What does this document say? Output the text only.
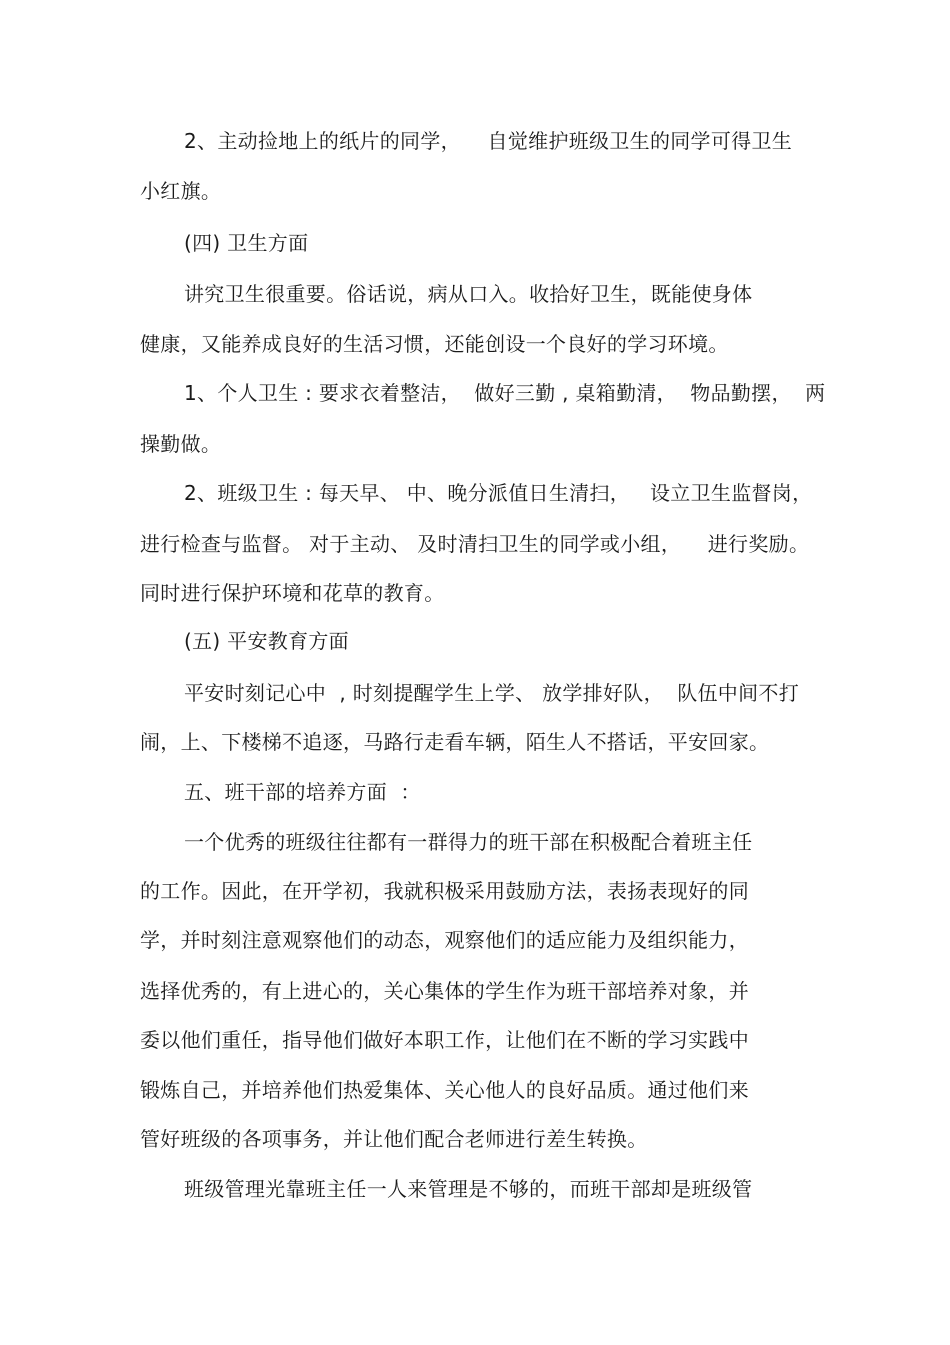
2、主动捡地上的纸片的同学，    自觉维护班级卫生的同学可得卫生
小红旗。
(四) 卫生方面
讲究卫生很重要。俗话说，病从口入。收拾好卫生，既能使身体
健康，又能养成良好的生活习惯，还能创设一个良好的学习环境。
1、个人卫生 : 要求衣着整洁，  做好三勤 , 桌箱勤清，  物品勤摆，  两
操勤做。
2、班级卫生 : 每天早、 中、晚分派值日生清扫，   设立卫生监督岗，
进行检查与监督。 对于主动、 及时清扫卫生的同学或小组，    进行奖励。
同时进行保护环境和花草的教育。
(五) 平安教育方面
平安时刻记心中  , 时刻提醒学生上学、 放学排好队，  队伍中间不打
闹，上、下楼梯不追逐，马路行走看车辆，陌生人不搭话，平安回家。
五、班干部的培养方面  ：
一个优秀的班级往往都有一群得力的班干部在积极配合着班主任
的工作。因此，在开学初，我就积极采用鼓励方法，表扬表现好的同
学，并时刻注意观察他们的动态，观察他们的适应能力及组织能力，
选择优秀的，有上进心的，关心集体的学生作为班干部培养对象，并
委以他们重任，指导他们做好本职工作，让他们在不断的学习实践中
锻炼自己，并培养他们热爱集体、关心他人的良好品质。通过他们来
管好班级的各项事务，并让他们配合老师进行差生转换。
班级管理光靠班主任一人来管理是不够的，而班干部却是班级管
